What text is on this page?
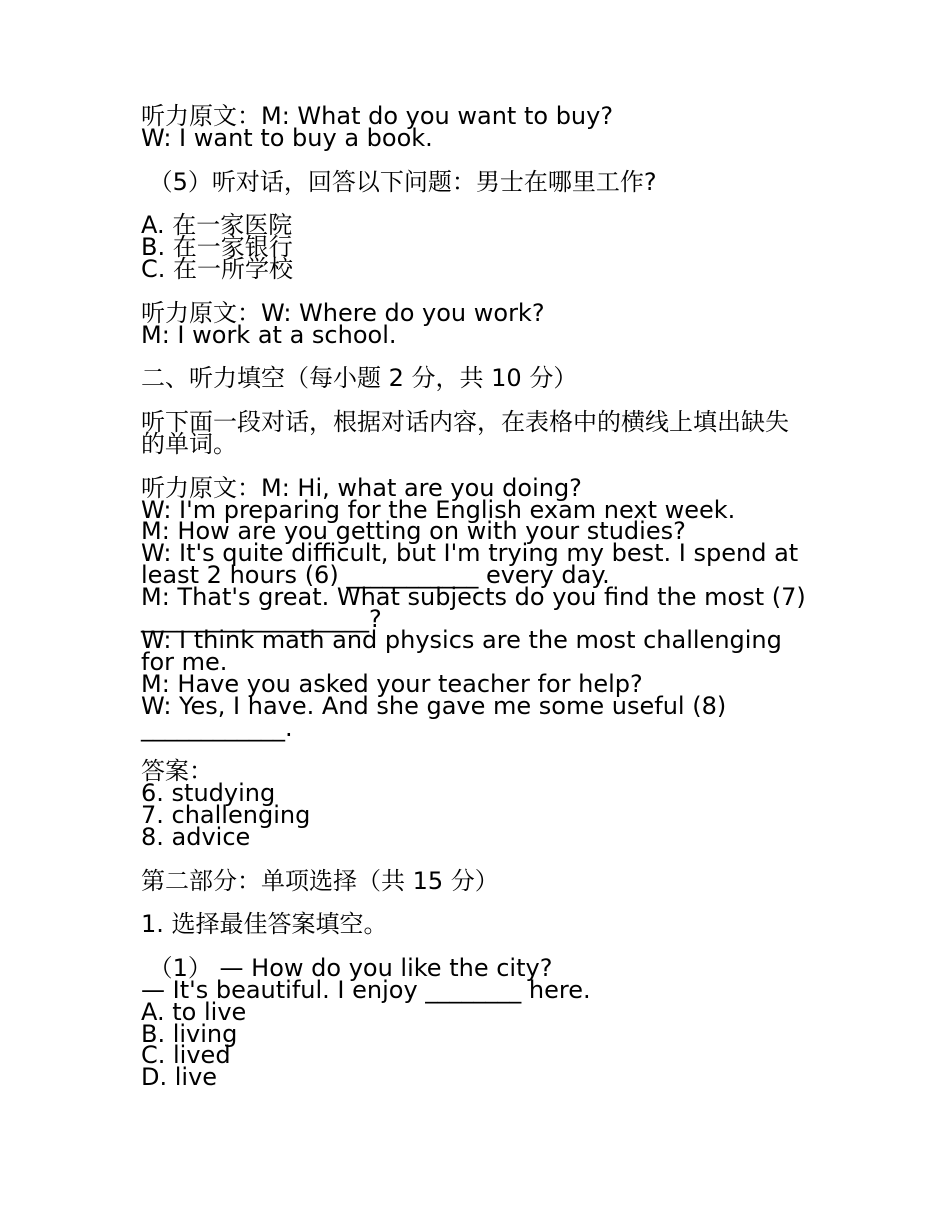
听力原文：M: What do you want to buy?

W: I want to buy a book.

（5）听对话，回答以下问题：男士在哪里工作?

A. 在一家医院

B. 在一家银行

C. 在一所学校

听力原文：W: Where do you work?

M: I work at a school.

二、听力填空（每小题 2 分，共 10 分）

听下面一段对话，根据对话内容，在表格中的横线上填出缺失

的单词。

听力原文：M: Hi, what are you doing?

W: I'm preparing for the English exam next week.

M: How are you getting on with your studies?

W: It's quite difficult, but I'm trying my best. I spend at

least 2 hours (6) ___________ every day.

M: That's great. What subjects do you find the most (7)

___________________?

W: I think math and physics are the most challenging

for me.

M: Have you asked your teacher for help?

W: Yes, I have. And she gave me some useful (8)

____________.

答案：

6. studying

7. challenging

8. advice

第二部分：单项选择（共 15 分）

1. 选择最佳答案填空。

（1） — How do you like the city?

— It's beautiful. I enjoy ________ here.

A. to live

B. living

C. lived

D. live
